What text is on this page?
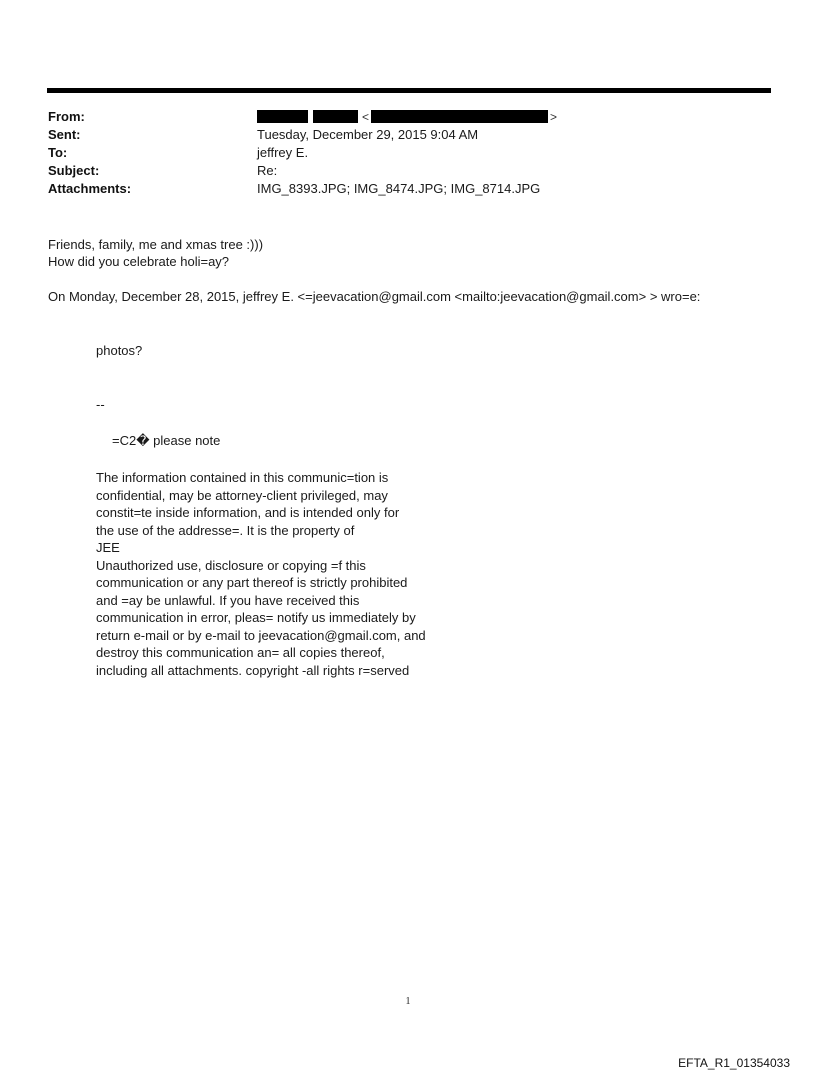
From:
Sent:
To:
Subject:
Attachments:
<	>
Tuesday, December 29, 2015 9:04 AM
jeffrey E.
Re:
IMG_8393.JPG; IMG_8474.JPG; IMG_8714.JPG
Friends, family, me and xmas tree :)))
How did you celebrate holi=ay?
On Monday, December 28, 2015, jeffrey E. <=jeevacation@gmail.com <mailto:jeevacation@gmail.com> > wro=e:
photos?
--
=C2� please note
The information contained in this communic=tion is
confidential, may be attorney-client privileged, may
constit=te inside information, and is intended only for
the use of the addresse=. It is the property of
JEE
Unauthorized use, disclosure or copying =f this
communication or any part thereof is strictly prohibited
and =ay be unlawful. If you have received this
communication in error, pleas= notify us immediately by
return e-mail or by e-mail to jeevacation@gmail.com, and
destroy this communication an= all copies thereof,
including all attachments. copyright -all rights r=served
1
EFTA_R1_01354033
